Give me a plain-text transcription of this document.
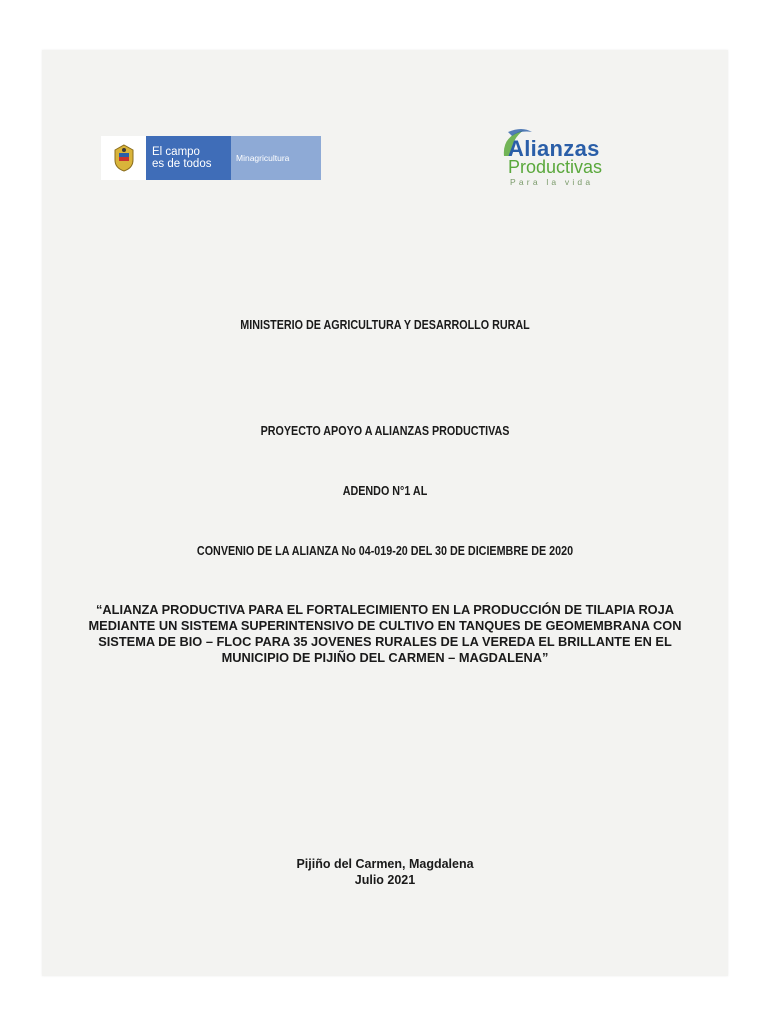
El campo
es de todos	Minagricultura	Alianzas
Productivas
Para la vida
MINISTERIO DE AGRICULTURA Y DESARROLLO RURAL
PROYECTO APOYO A ALIANZAS PRODUCTIVAS
ADENDO N°1 AL
CONVENIO DE LA ALIANZA No 04-019-20 DEL 30 DE DICIEMBRE DE 2020
“ALIANZA PRODUCTIVA PARA EL FORTALECIMIENTO EN LA PRODUCCIÓN DE TILAPIA ROJA MEDIANTE UN SISTEMA SUPERINTENSIVO DE CULTIVO EN TANQUES DE GEOMEMBRANA CON SISTEMA DE BIO – FLOC PARA 35 JOVENES RURALES DE LA VEREDA EL BRILLANTE EN EL MUNICIPIO DE PIJIÑO DEL CARMEN – MAGDALENA”
Pijiño del Carmen, Magdalena
Julio 2021
